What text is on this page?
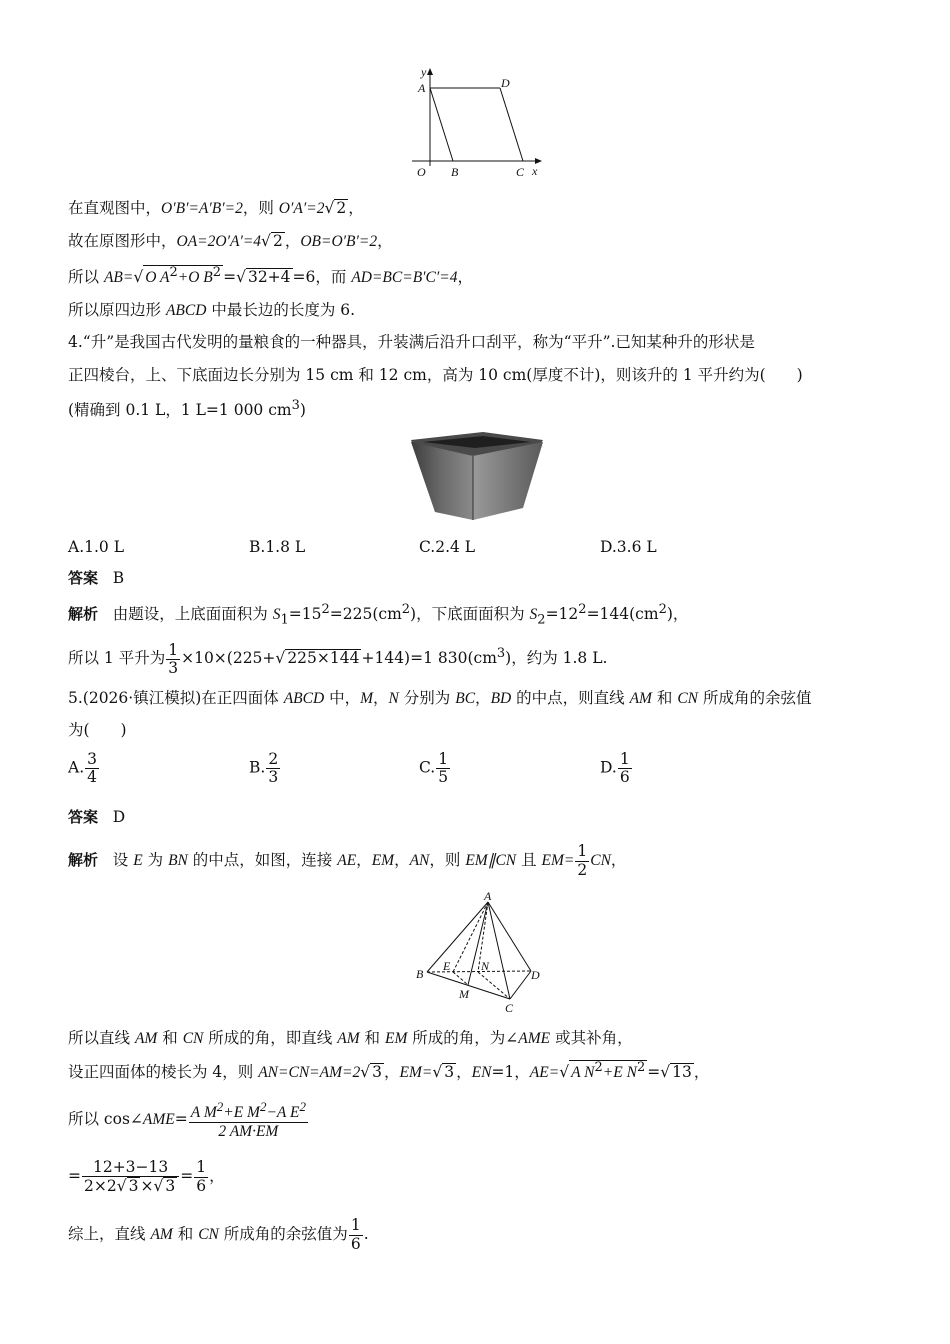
y
A	D
O B	C x
在直观图中，O′B′=A′B′=2，则 O′A′=2√ 2 ，
故在原图形中，OA=2O′A′=4√ 2 ，OB=O′B′=2，
所以 AB=√ O $A^2+O$ $B^2$ =√ 32+4 =6，而 AD=BC=B′C′=4，
所以原四边形 ABCD 中最长边的长度为 6.
4.“升”是我国古代发明的量粮食的一种器具，升装满后沿升口刮平，称为“平升”.已知某种升的形状是
正四棱台，上、下底面边长分别为 15 cm 和 12 cm，高为 10 cm(厚度不计)，则该升的 1 平升约为(　　)
(精确到 0.1 L，1 L=1 000 $cm^3$)
A.1.0 L	B.1.8 L	C.2.4 L	D.3.6 L
答案 B
解析 由题设，上底面面积为 $S_1=15^2=225(cm^2)$，下底面面积为 $S_2=12^2=144(cm^2)$，
所以 1 平升为 $\frac{1}{3} \times 10\times(225+√$ 225×144 +144)=1 $830(cm^3)$，约为 1.8 L.
5.(2026·镇江模拟)在正四面体 ABCD 中，M，N 分别为 BC，BD 的中点，则直线 AM 和 CN 所成角的余弦值
为(　　)
A. $\frac{3}{4}$	B. $\frac{2}{3}$	C. $\frac{1}{5}$	D. $\frac{1}{6}$
答案 D
解析 设 E 为 BN 的中点，如图，连接 AE，EM，AN，则 EM∥CN 且 $EM= \frac{1}{2}$ CN，
A
B
E	N
D
M
C
所以直线 AM 和 CN 所成的角，即直线 AM 和 EM 所成的角，为∠AME 或其补角，
设正四面体的棱长为 4，则 AN=CN=AM=2√ 3 ，EM=√ 3 ，EN=1，AE=√ A $N^2+E$ $N^2$ =√ 13 ，
所以 cos∠AME= $\frac{A M^2+E M^2-A E^2}{2 AM\cdot EM}$
= $\frac{12+3-13}{2\times 2√ 3 \times√ 3} = \frac{1}{6}$ ，
综上，直线 AM 和 CN 所成角的余弦值为 $\frac{1}{6}$ .
